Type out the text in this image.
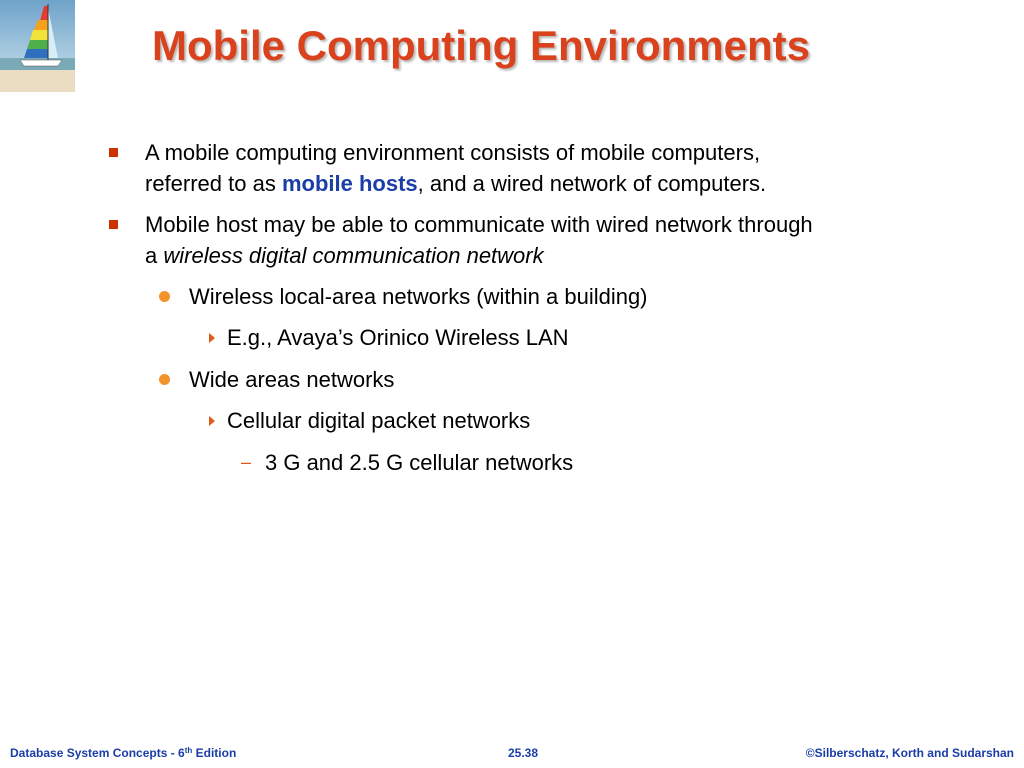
Mobile Computing Environments
A mobile computing environment consists of mobile computers,
referred to as mobile hosts, and a wired network of computers.
Mobile host may be able to communicate with wired network through
a wireless digital communication network
Wireless local-area networks (within a building)
E.g., Avaya’s Orinico Wireless LAN
Wide areas networks
Cellular digital packet networks
– 3 G and 2.5 G cellular networks
Database System Concepts - 6th Edition	25.38	©Silberschatz, Korth and Sudarshan
